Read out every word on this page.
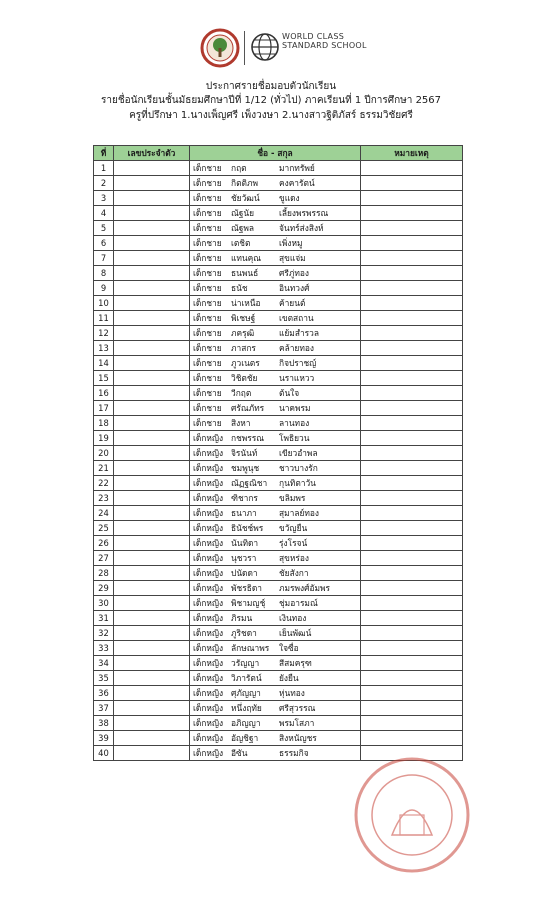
WORLD CLASS
STANDARD SCHOOL
ประกาศรายชื่อมอบตัวนักเรียน
รายชื่อนักเรียนชั้นมัธยมศึกษาปีที่ 1/12 (ทั่วไป) ภาคเรียนที่ 1 ปีการศึกษา 2567
ครูที่ปรึกษา 1.นางเพ็ญศรี เพ็งวงษา 2.นางสาวฐิติภัสร์ ธรรมวิชัยศรี
ที่	เลขประจำตัว	ชื่อ - สกุล	หมายเหตุ
1		เด็กชาย กฤต มากทรัพย์	
2		เด็กชาย กิตติภพ คงคารัตน์	
3		เด็กชาย ชัยวัฒน์ ขูแดง	
4		เด็กชาย ณัฐนัย เลี้ยงพรพรรณ	
5		เด็กชาย ณัฐพล จันทร์ส่งสิงห์	
6		เด็กชาย เตชิต เพิ่งหมู	
7		เด็กชาย แทนคุณ สุขแจ่ม	
8		เด็กชาย ธนพนธ์ ศรีภู่ทอง	
9		เด็กชาย ธนัช อินทวงศ์	
10		เด็กชาย น่าเหนือ ค้ายนต์	
11		เด็กชาย พิเชษฐ์ เขตสถาน	
12		เด็กชาย ภครุฒิ แย้มสำรวล	
13		เด็กชาย ภาสกร คล้ายทอง	
14		เด็กชาย ภูวเนตร กิจปราชญ์	
15		เด็กชาย วิชิตชัย นราแหวว	
16		เด็กชาย วีกฤต ต้นใจ	
17		เด็กชาย ศรัณภัทร นาคพรม	
18		เด็กชาย สิงหา ลานทอง	
19		เด็กหญิง กชพรรณ โพธิยวน	
20		เด็กหญิง จิรนันท์ เขียวอำพล	
21		เด็กหญิง ชมพูนุช ชาวบางรัก	
22		เด็กหญิง ณัฏฐณิชา กุนทิตาวัน	
23		เด็กหญิง ฑิชากร ขลิมพร	
24		เด็กหญิง ธนาภา สุมาลย์ทอง	
25		เด็กหญิง ธินัชช์พร ขวัญยืน	
26		เด็กหญิง นันทิดา รุ่งโรจน์	
27		เด็กหญิง นุชวรา สุขหร่อง	
28		เด็กหญิง ปนัดดา ชัยสังกา	
29		เด็กหญิง พัชรธิดา ภมรพงศ์อัมพร	
30		เด็กหญิง พิชามญชุ์ ชุ่มอารมณ์	
31		เด็กหญิง ภิรมน เงินทอง	
32		เด็กหญิง ภูริชดา เย็นพัฒน์	
33		เด็กหญิง ลักษณาพร ใจซื่อ	
34		เด็กหญิง วรัญญา สีสมครุฑ	
35		เด็กหญิง วิภารัตน์ ยังยืน	
36		เด็กหญิง ศุภัญญา หุ่นทอง	
37		เด็กหญิง หนึ่งฤทัย ศรีสุวรรณ	
38		เด็กหญิง อภิญญา พรมโสภา	
39		เด็กหญิง อัญชิฐา สิงหนัญชร	
40		เด็กหญิง อีซัน ธรรมกิจ	
